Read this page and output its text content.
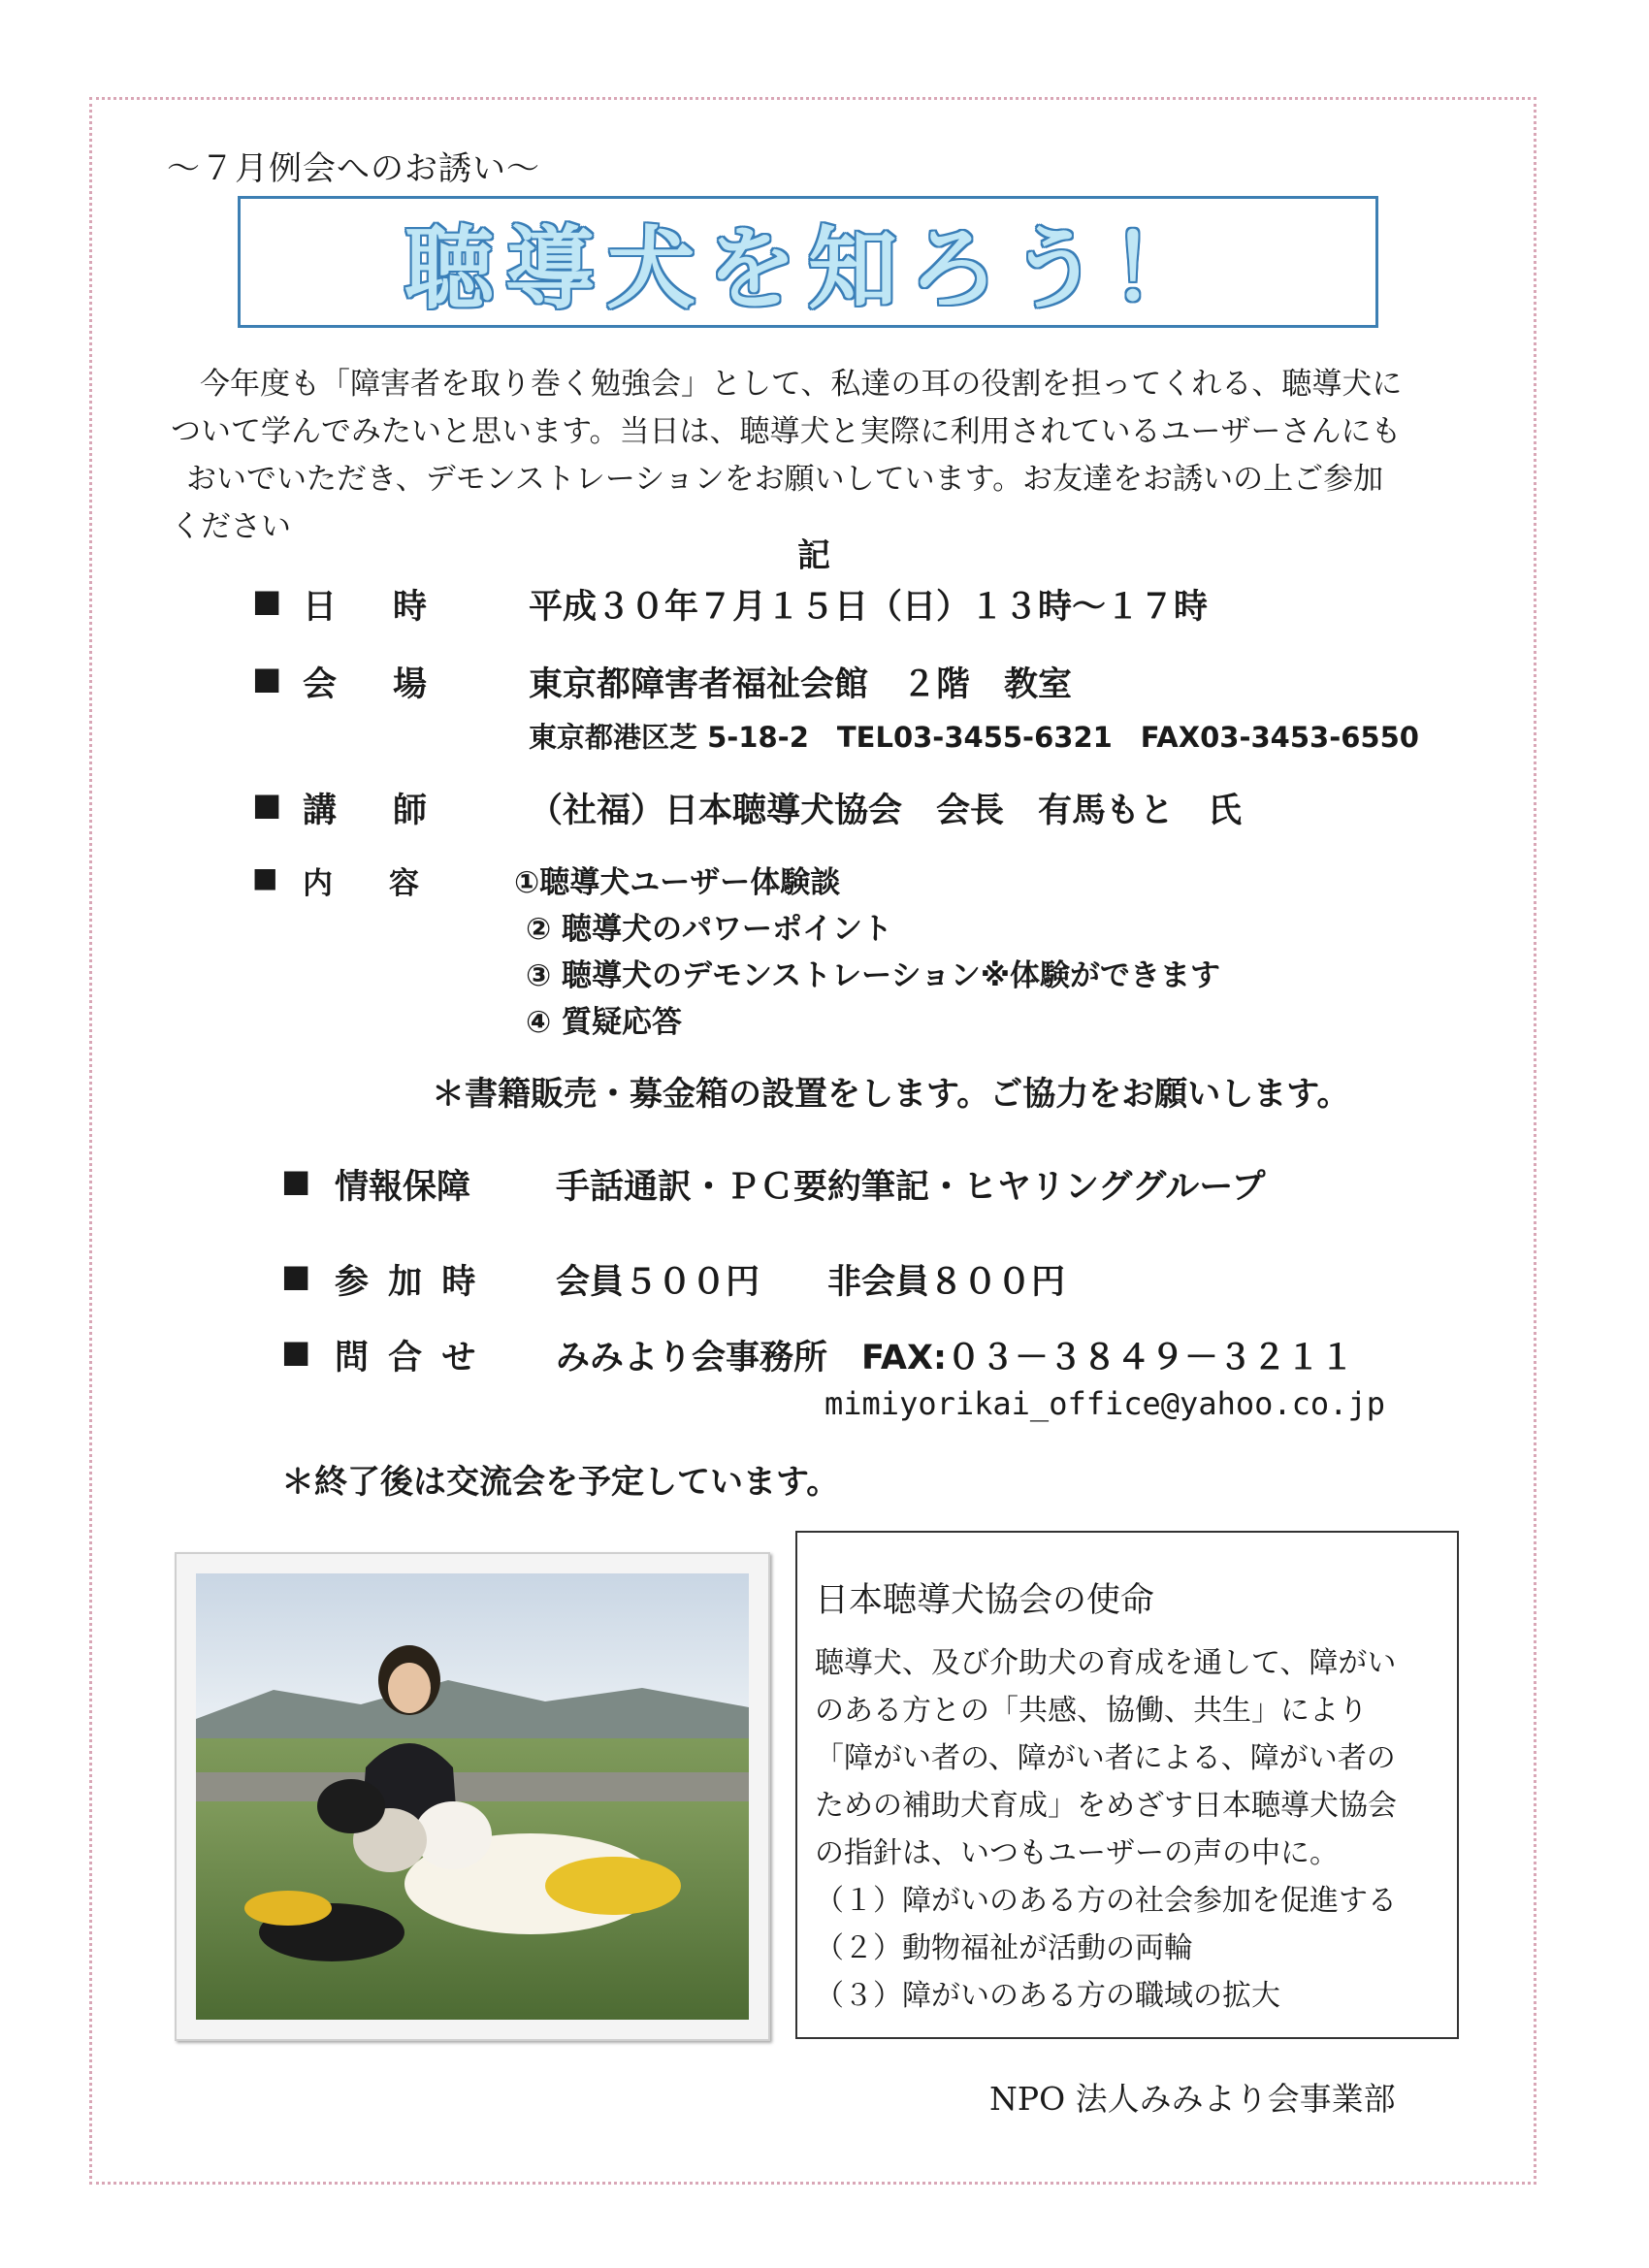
～７月例会へのお誘い～
聴導犬を知ろう！
今年度も「障害者を取り巻く勉強会」として、私達の耳の役割を担ってくれる、聴導犬に
ついて学んでみたいと思います。当日は、聴導犬と実際に利用されているユーザーさんにも
おいでいただき、デモンストレーションをお願いしています。お友達をお誘いの上ご参加
ください
記
■ 日時 平成３０年７月１５日（日）１３時～１７時
■ 会場 東京都障害者福祉会館　２階　教室
東京都港区芝 5-18-2　TEL03-3455-6321　FAX03-3453-6550
■ 講師 （社福）日本聴導犬協会　会長　有馬もと　氏
■ 内容 ①聴導犬ユーザー体験談
② 聴導犬のパワーポイント
③ 聴導犬のデモンストレーション※体験ができます
④ 質疑応答
＊書籍販売・募金箱の設置をします。ご協力をお願いします。
■ 情報保障	手話通訳・ＰＣ要約筆記・ヒヤリンググループ
■ 参 加 時 会員５００円　　非会員８００円
■ 問 合 せ みみより会事務所　FAX:０３－３８４９－３２１１
mimiyorikai_office@yahoo.co.jp
＊終了後は交流会を予定しています。
日本聴導犬協会の使命
聴導犬、及び介助犬の育成を通して、障がい
のある方との「共感、協働、共生」により
「障がい者の、障がい者による、障がい者の
ための補助犬育成」をめざす日本聴導犬協会
の指針は、いつもユーザーの声の中に。
（１）障がいのある方の社会参加を促進する
（２）動物福祉が活動の両輪
（３）障がいのある方の職域の拡大
NPO 法人みみより会事業部
